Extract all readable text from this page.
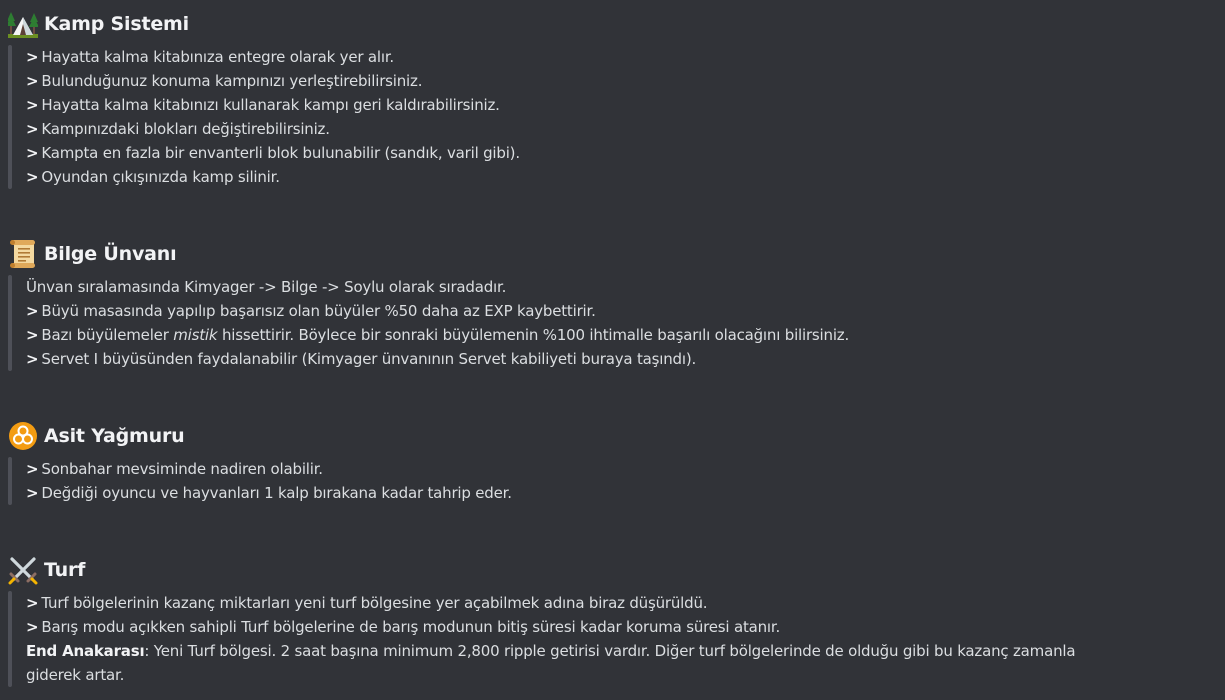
Kamp Sistemi
> Hayatta kalma kitabınıza entegre olarak yer alır.
> Bulunduğunuz konuma kampınızı yerleştirebilirsiniz.
> Hayatta kalma kitabınızı kullanarak kampı geri kaldırabilirsiniz.
> Kampınızdaki blokları değiştirebilirsiniz.
> Kampta en fazla bir envanterli blok bulunabilir (sandık, varil gibi).
> Oyundan çıkışınızda kamp silinir.
Bilge Ünvanı
Ünvan sıralamasında Kimyager -> Bilge -> Soylu olarak sıradadır.
> Büyü masasında yapılıp başarısız olan büyüler %50 daha az EXP kaybettirir.
> Bazı büyülemeler mistik hissettirir. Böylece bir sonraki büyülemenin %100 ihtimalle başarılı olacağını bilirsiniz.
> Servet I büyüsünden faydalanabilir (Kimyager ünvanının Servet kabiliyeti buraya taşındı).
Asit Yağmuru
> Sonbahar mevsiminde nadiren olabilir.
> Değdiği oyuncu ve hayvanları 1 kalp bırakana kadar tahrip eder.
Turf
> Turf bölgelerinin kazanç miktarları yeni turf bölgesine yer açabilmek adına biraz düşürüldü.
> Barış modu açıkken sahipli Turf bölgelerine de barış modunun bitiş süresi kadar koruma süresi atanır.
End Anakarası: Yeni Turf bölgesi. 2 saat başına minimum 2,800 ripple getirisi vardır. Diğer turf bölgelerinde de olduğu gibi bu kazanç zamanla giderek artar.
